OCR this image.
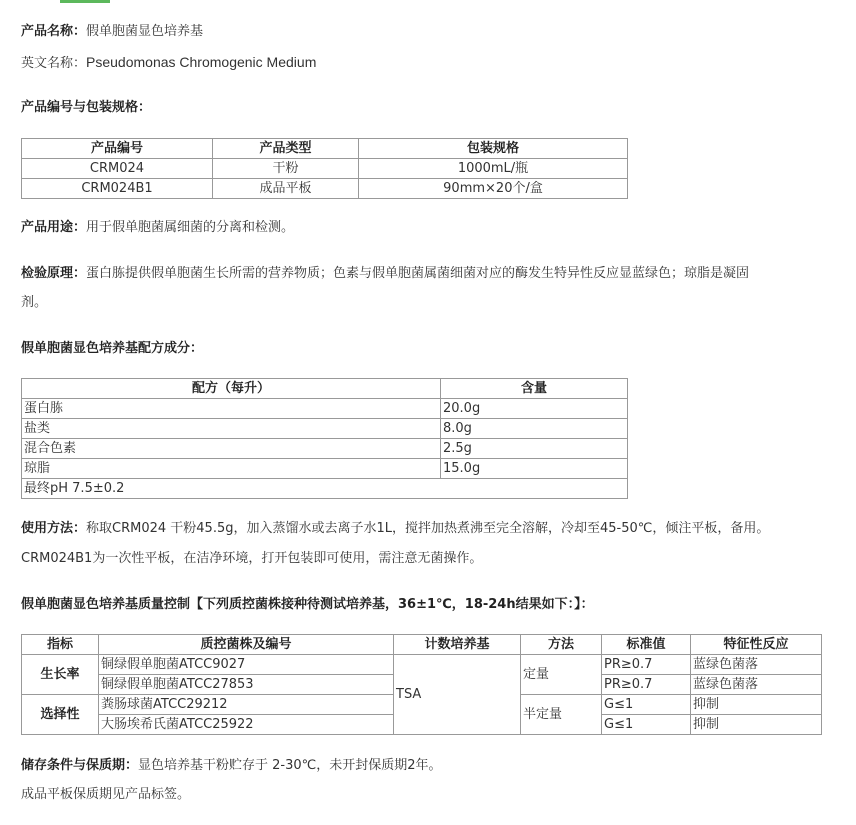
产品名称：假单胞菌显色培养基
英文名称：Pseudomonas Chromogenic Medium
产品编号与包装规格：
产品编号	产品类型	包装规格
CRM024	干粉	1000mL/瓶
CRM024B1	成品平板	90mm×20个/盒
产品用途：用于假单胞菌属细菌的分离和检测。
检验原理：蛋白胨提供假单胞菌生长所需的营养物质；色素与假单胞菌属菌细菌对应的酶发生特异性反应显蓝绿色；琼脂是凝固
剂。
假单胞菌显色培养基配方成分：
配方（每升）	含量
蛋白胨	20.0g
盐类	8.0g
混合色素	2.5g
琼脂	15.0g
最终pH 7.5±0.2	
使用方法：称取CRM024 干粉45.5g，加入蒸馏水或去离子水1L，搅拌加热煮沸至完全溶解，冷却至45-50℃，倾注平板，备用。
CRM024B1为一次性平板，在洁净环境，打开包装即可使用，需注意无菌操作。
假单胞菌显色培养基质量控制【下列质控菌株接种待测试培养基，36±1℃，18-24h结果如下：】：
指标	质控菌株及编号	计数培养基	方法	标准值	特征性反应
生长率	铜绿假单胞菌ATCC9027	TSA	定量	PR≥0.7	蓝绿色菌落
	铜绿假单胞菌ATCC27853			PR≥0.7	蓝绿色菌落
选择性	粪肠球菌ATCC29212		半定量	G≤1	抑制
	大肠埃希氏菌ATCC25922			G≤1	抑制
储存条件与保质期：显色培养基干粉贮存于 2-30℃，未开封保质期2年。
成品平板保质期见产品标签。
